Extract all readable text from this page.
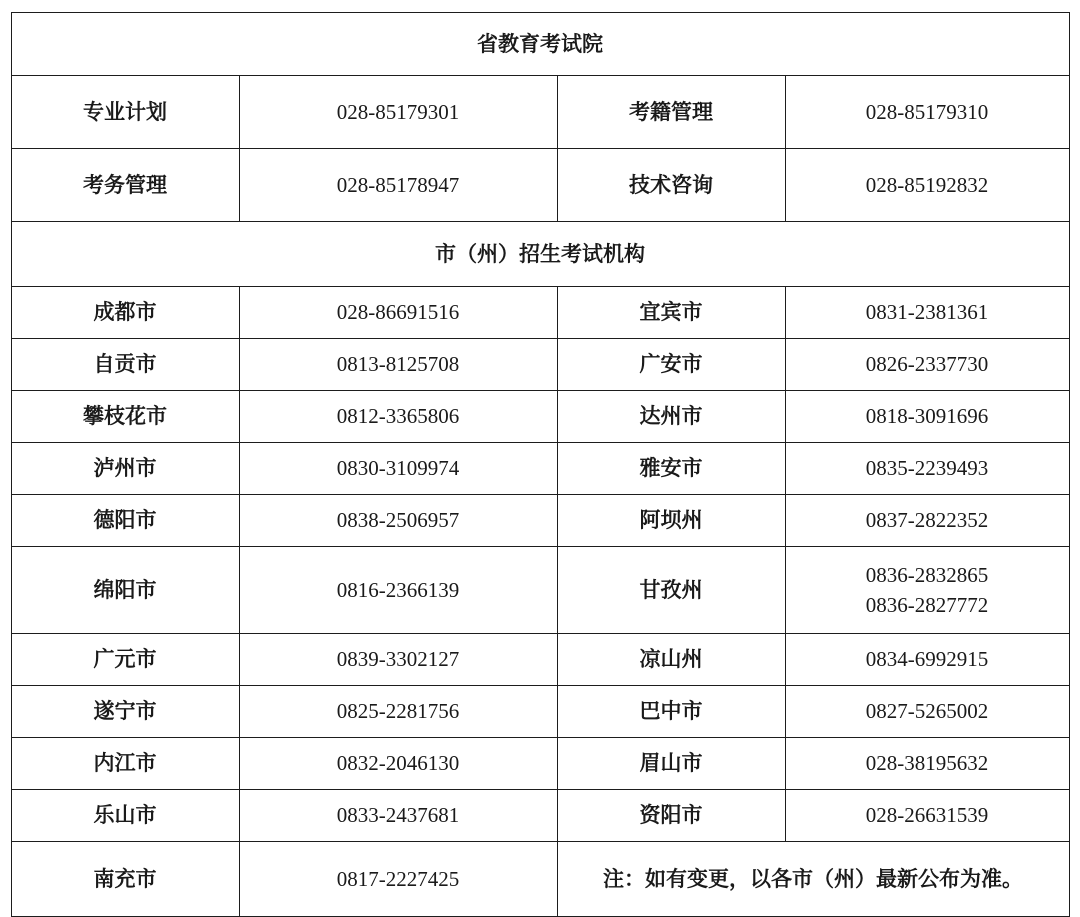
省教育考试院			
专业计划	028-85179301	考籍管理	028-85179310
考务管理	028-85178947	技术咨询	028-85192832
市（州）招生考试机构			
成都市	028-86691516	宜宾市	0831-2381361
自贡市	0813-8125708	广安市	0826-2337730
攀枝花市	0812-3365806	达州市	0818-3091696
泸州市	0830-3109974	雅安市	0835-2239493
德阳市	0838-2506957	阿坝州	0837-2822352
绵阳市	0816-2366139	甘孜州	0836-2832865
0836-2827772

广元市	0839-3302127	凉山州	0834-6992915
遂宁市	0825-2281756	巴中市	0827-5265002
内江市	0832-2046130	眉山市	028-38195632
乐山市	0833-2437681	资阳市	028-26631539
南充市	0817-2227425	注：如有变更，以各市（州）最新公布为准。	
